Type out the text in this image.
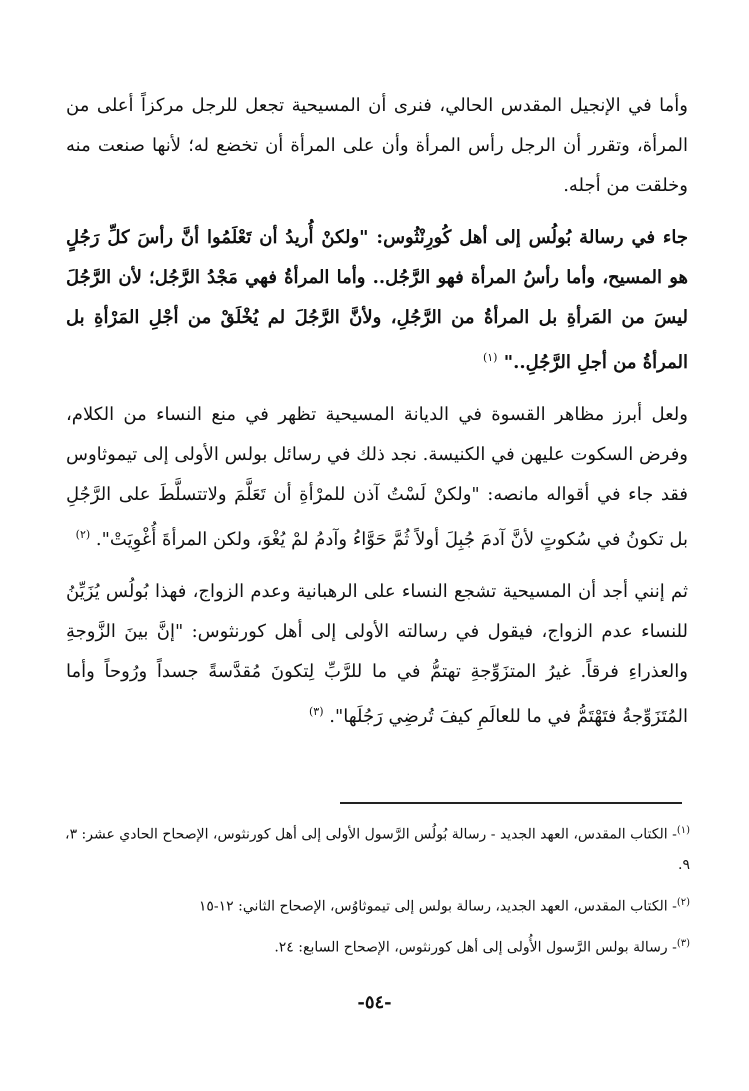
وأما في الإنجيل المقدس الحالي، فنرى أن المسيحية تجعل للرجل مركزاً أعلى من المرأة، وتقرر أن الرجل رأس المرأة وأن على المرأة أن تخضع له؛ لأنها صنعت منه وخلقت من أجله.

جاء في رسالة بُولُس إلى أهل كُورِنْثُوس: "ولكنْ أُريدُ أن تَعْلَمُوا أنَّ رأسَ كلِّ رَجُلٍ هو المسيح، وأما رأسُ المرأة فهو الرَّجُل.. وأما المرأةُ فهي مَجْدُ الرَّجُل؛ لأن الرَّجُلَ ليسَ من المَرأةِ بل المرأةُ من الرَّجُلِ، ولأنَّ الرَّجُلَ لم يُخْلَقْ من أجْلِ المَرْأةِ بل المرأةُ من أجلِ الرَّجُلِ.." $^{(١)}$

ولعل أبرز مظاهر القسوة في الديانة المسيحية تظهر في منع النساء من الكلام، وفرض السكوت عليهن في الكنيسة. نجد ذلك في رسائل بولس الأولى إلى تيموثاوس فقد جاء في أقواله مانصه: "ولكنْ لَسْتُ آذن للمرْأةِ أن تَعَلَّمَ ولاتتسلَّطَ على الرَّجُلِ بل تكونُ في سُكوتٍ لأنَّ آدمَ جُبِلَ أولاً ثُمَّ حَوَّاءُ وآدمُ لمْ يُغْوَ، ولكن المرأةَ أُغْوِيَتْ". $^{(٢)}$

ثم إنني أجد أن المسيحية تشجع النساء على الرهبانية وعدم الزواج، فهذا بُولُس يُزَيِّنُ للنساء عدم الزواج، فيقول في رسالته الأولى إلى أهل كورنثوس: "إنَّ بينَ الزَّوجةِ والعذراءِ فرقاً. غيرُ المتزَوِّجةِ تهتمُّ في ما للرَّبِّ لِتكونَ مُقدَّسةً جسداً ورُوحاً وأما المُتَزَوِّجةُ فتَهْتَمُّ في ما للعالَمِ كيفَ تُرضِي رَجُلَها". $^{(٣)}$

$^{(١)}$- الكتاب المقدس، العهد الجديد - رسالة بُولُس الرَّسول الأولى إلى أهل كورنثوس، الإصحاح الحادي عشر: ٣، ٩.

$^{(٢)}$- الكتاب المقدس، العهد الجديد، رسالة بولس إلى تيموثاوُس، الإصحاح الثاني: ١٢-١٥

$^{(٣)}$- رسالة بولس الرَّسول الأُولى إلى أهل كورنثوس، الإصحاح السابع: ٢٤.

-٥٤-
